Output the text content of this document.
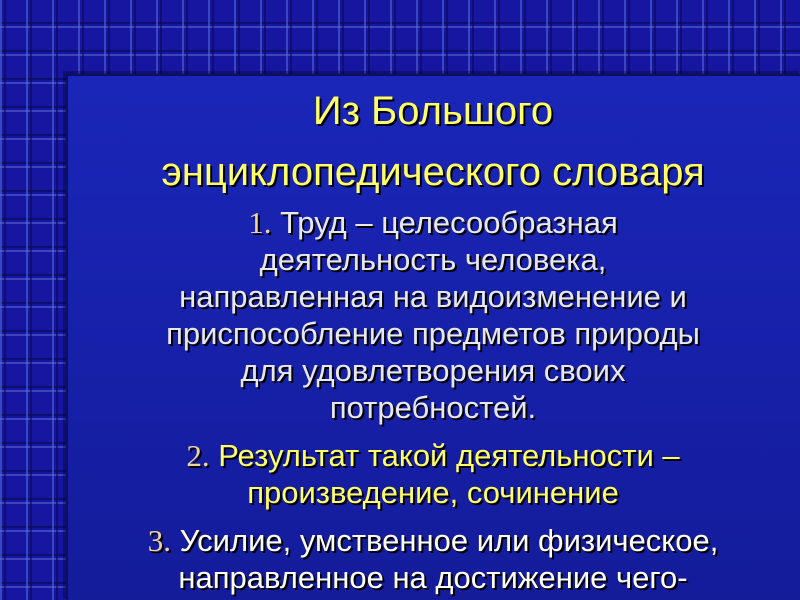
Из Большого
энциклопедического словаря

1. Труд – целесообразная
деятельность человека,
направленная на видоизменение и
приспособление предметов природы
для удовлетворения своих
потребностей.

2. Результат такой деятельности –
произведение, сочинение

3. Усилие, умственное или физическое,
направленное на достижение чего-
